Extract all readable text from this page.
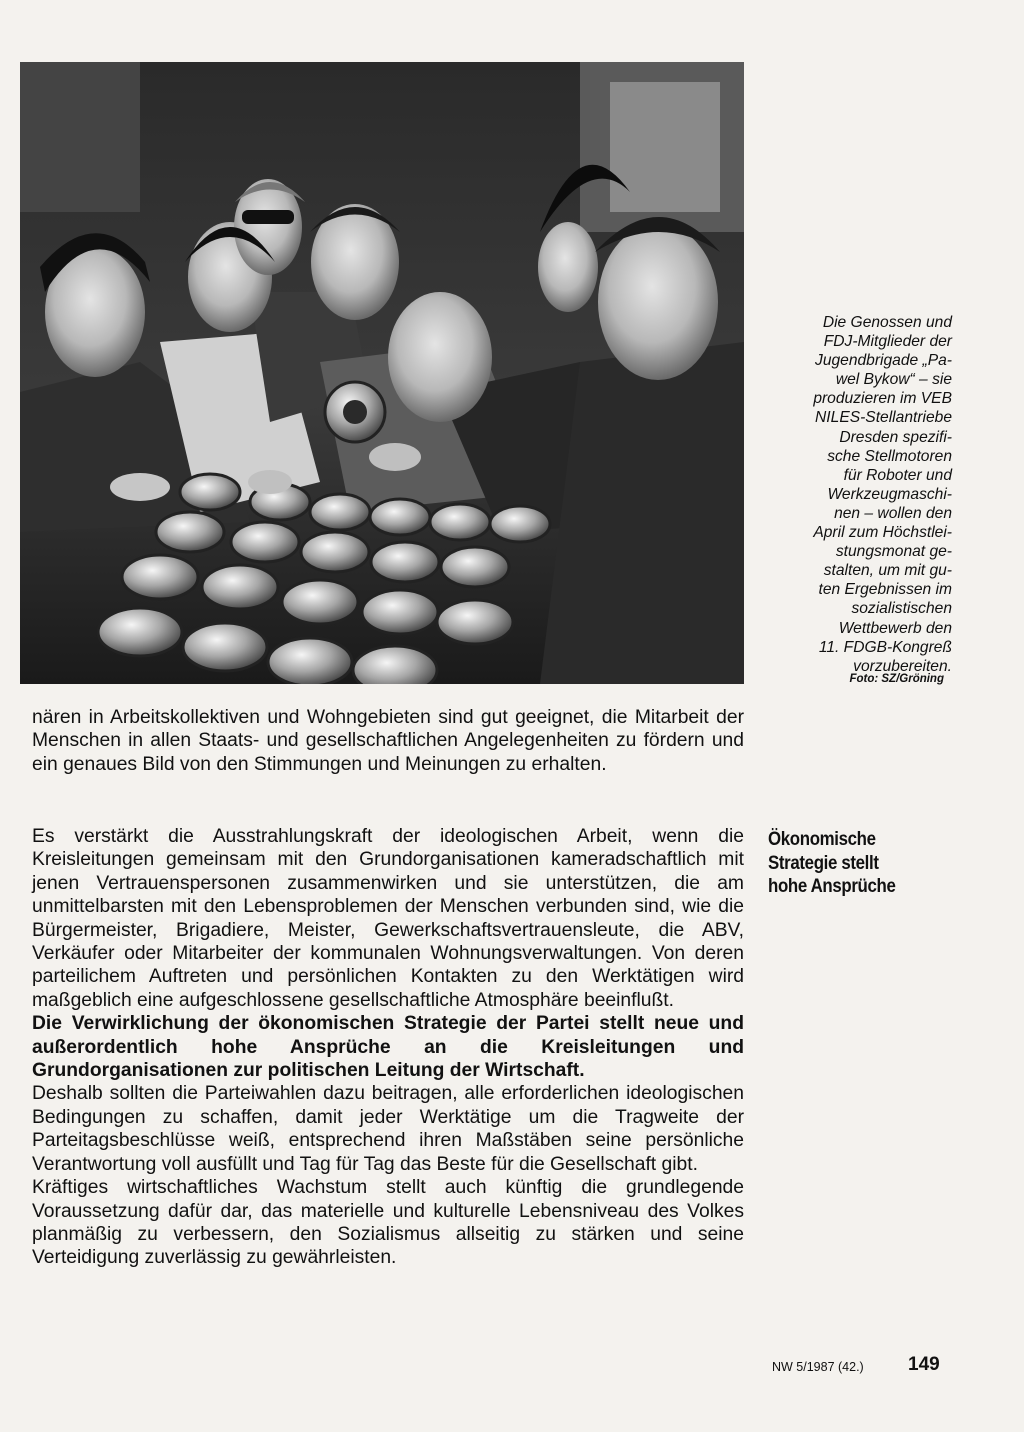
Die Genossen und
FDJ-Mitglieder der
Jugendbrigade „Pa-
wel Bykow“ – sie
produzieren im VEB
NILES-Stellantriebe
Dresden spezifi-
sche Stellmotoren
für Roboter und
Werkzeugmaschi-
nen – wollen den
April zum Höchstlei-
stungsmonat ge-
stalten, um mit gu-
ten Ergebnissen im
sozialistischen
Wettbewerb den
11. FDGB-Kongreß
vorzubereiten.
Foto: SZ/Gröning

nären in Arbeitskollektiven und Wohngebieten sind gut geeignet, die Mitarbeit der Menschen in allen Staats- und gesellschaftlichen Angelegenheiten zu fördern und ein genaues Bild von den Stimmungen und Meinungen zu erhalten.

Es verstärkt die Ausstrahlungskraft der ideologischen Arbeit, wenn die Kreisleitungen gemeinsam mit den Grundorganisationen kameradschaftlich mit jenen Vertrauenspersonen zusammenwirken und sie unterstützen, die am unmittelbarsten mit den Lebensproblemen der Menschen verbunden sind, wie die Bürgermeister, Brigadiere, Meister, Gewerkschaftsvertrauensleute, die ABV, Verkäufer oder Mitarbeiter der kommunalen Wohnungsverwaltungen. Von deren parteilichem Auftreten und persönlichen Kontakten zu den Werktätigen wird maßgeblich eine aufgeschlossene gesellschaftliche Atmosphäre beeinflußt.

Die Verwirklichung der ökonomischen Strategie der Partei stellt neue und außerordentlich hohe Ansprüche an die Kreisleitungen und Grundorganisationen zur politischen Leitung der Wirtschaft.

Deshalb sollten die Parteiwahlen dazu beitragen, alle erforderlichen ideologischen Bedingungen zu schaffen, damit jeder Werktätige um die Tragweite der Parteitagsbeschlüsse weiß, entsprechend ihren Maßstäben seine persönliche Verantwortung voll ausfüllt und Tag für Tag das Beste für die Gesellschaft gibt.

Kräftiges wirtschaftliches Wachstum stellt auch künftig die grundlegende Voraussetzung dafür dar, das materielle und kulturelle Lebensniveau des Volkes planmäßig zu verbessern, den Sozialismus allseitig zu stärken und seine Verteidigung zuverlässig zu gewährleisten.

Ökonomische
Strategie stellt
hohe Ansprüche
NW 5/1987 (42.) 149
